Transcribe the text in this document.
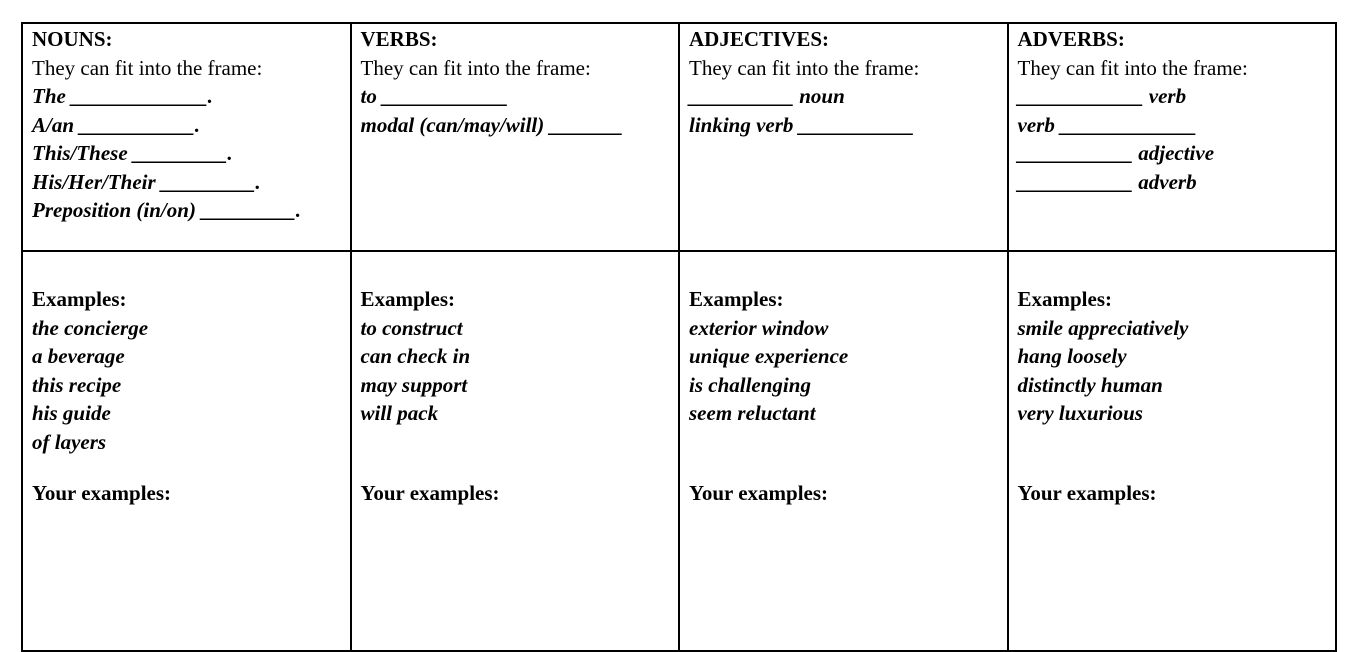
NOUNS:
They can fit into the frame:
The _____________.
A/an ___________.
This/These _________.
His/Her/Their _________.
Preposition (in/on) _________.

VERBS:
They can fit into the frame:
to ____________
modal (can/may/will) _______

ADJECTIVES:
They can fit into the frame:
__________ noun
linking verb ___________

ADVERBS:
They can fit into the frame:
____________ verb
verb _____________
___________ adjective
___________ adverb

Examples:
the concierge
a beverage
this recipe
his guide
of layers
Your examples:

Examples:
to construct
can check in
may support
will pack
Your examples:

Examples:
exterior window
unique experience
is challenging
seem reluctant
Your examples:

Examples:
smile appreciatively
hang loosely
distinctly human
very luxurious
Your examples:
